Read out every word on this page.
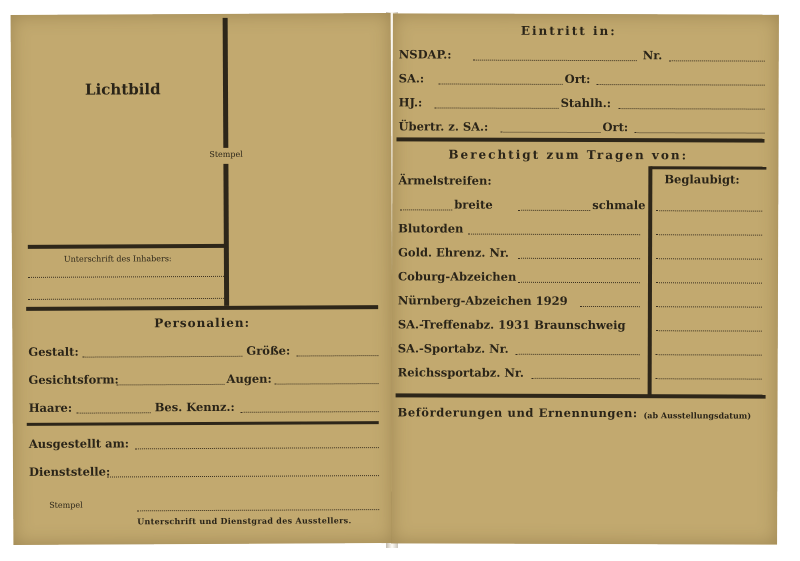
Lichtbild
Stempel
Unterschrift des Inhabers:
Personalien:
Gestalt:	Größe:
Gesichtsform:	Augen:
Haare:	Bes. Kennz.:
Ausgestellt am:
Dienststelle:
Stempel
Unterschrift und Dienstgrad des Ausstellers.
Eintritt in:
NSDAP.:	Nr.
SA.:	Ort:
HJ.:	Stahlh.:
Übertr. z. SA.:	Ort:
Berechtigt zum Tragen von:
Beglaubigt:
Ärmelstreifen:
breite	schmale
Blutorden
Gold. Ehrenz. Nr.
Coburg-Abzeichen
Nürnberg-Abzeichen 1929
SA.-Treffenabz. 1931 Braunschweig
SA.-Sportabz. Nr.
Reichssportabz. Nr.
Beförderungen und Ernennungen: (ab Ausstellungsdatum)
